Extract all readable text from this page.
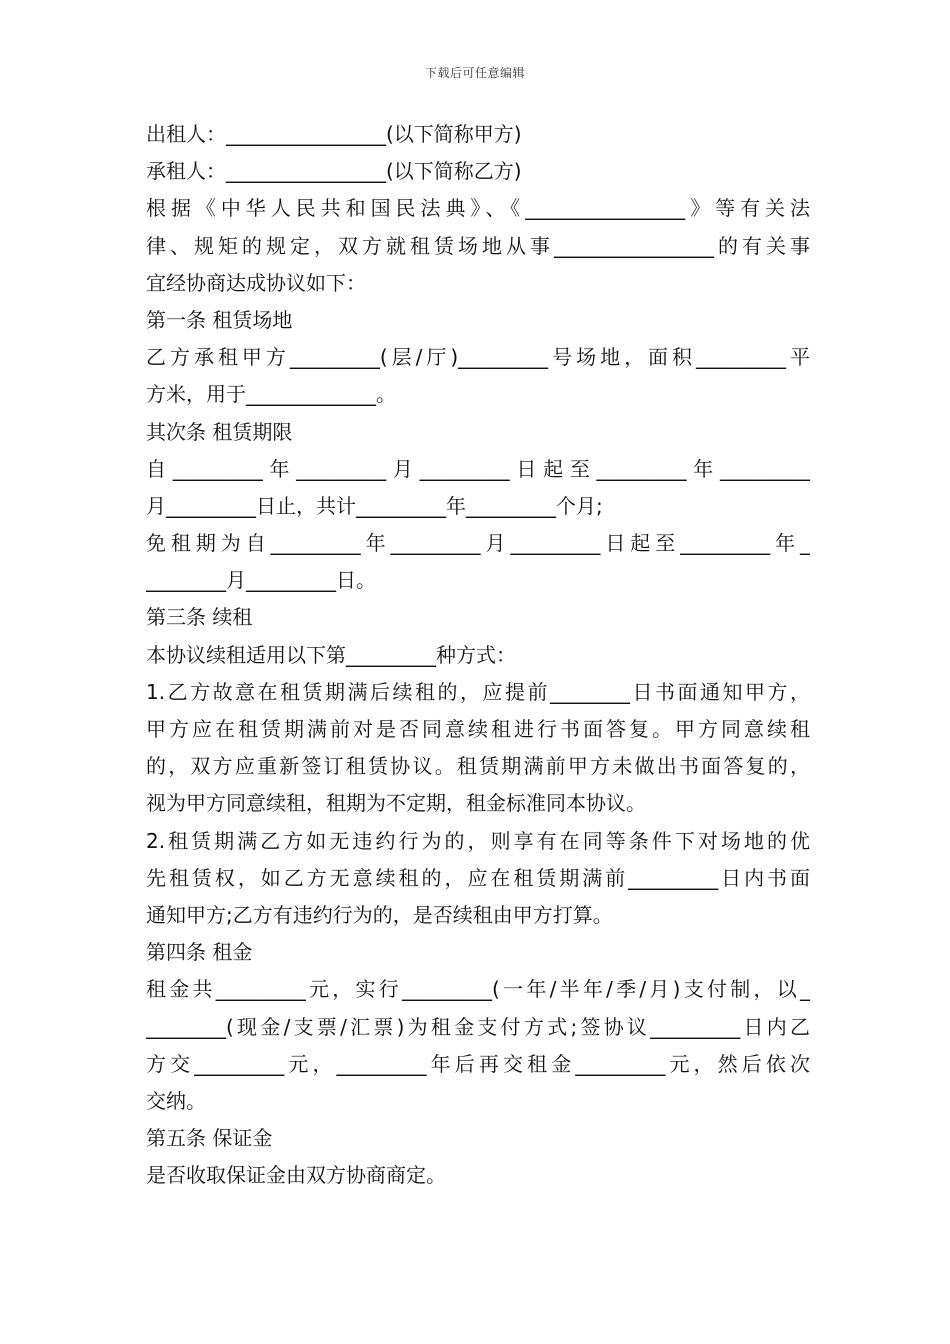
下载后可任意编辑
出租人：________________(以下简称甲方)
承租人：________________(以下简称乙方)
根据《中华人民共和国民法典》、《________________》等有关法
律、规矩的规定，双方就租赁场地从事________________的有关事
宜经协商达成协议如下：
第一条 租赁场地
乙方承租甲方_________(层/厅)_________号场地，面积_________平
方米，用于_____________。
其次条 租赁期限
自_________年_________月_________日起至_________年_________
月_________日止，共计_________年_________个月;
免租期为自_________年_________月_________日起至_________年_
________月_________日。
第三条 续租
本协议续租适用以下第_________种方式：
1.乙方故意在租赁期满后续租的，应提前________日书面通知甲方，
甲方应在租赁期满前对是否同意续租进行书面答复。甲方同意续租
的，双方应重新签订租赁协议。租赁期满前甲方未做出书面答复的，
视为甲方同意续租，租期为不定期，租金标准同本协议。
2.租赁期满乙方如无违约行为的，则享有在同等条件下对场地的优
先租赁权，如乙方无意续租的，应在租赁期满前_________日内书面
通知甲方;乙方有违约行为的，是否续租由甲方打算。
第四条 租金
租金共_________元，实行_________(一年/半年/季/月)支付制，以_
________(现金/支票/汇票)为租金支付方式;签协议_________日内乙
方交_________元，_________年后再交租金_________元，然后依次
交纳。
第五条 保证金
是否收取保证金由双方协商商定。
